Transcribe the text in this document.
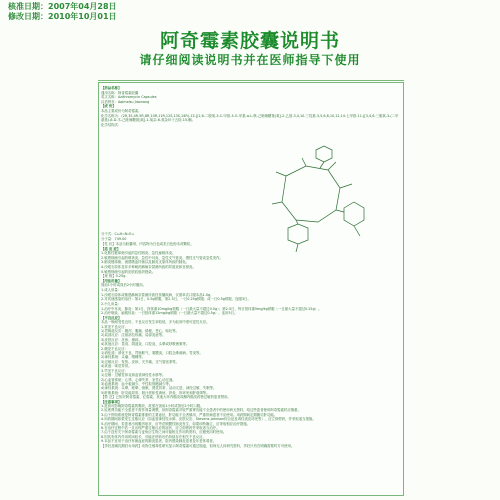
核准日期：2007年04月28日
修改日期：2010年10月01日
阿奇霉素胶囊说明书
请仔细阅读说明书并在医师指导下使用
【药品名称】
通用名称：阿奇霉素胶囊
英文名称：Azithromycin Capsules
汉语拼音：Aqimeisu Jiaonang
【成 份】
本品主要成份为阿奇霉素。
化学名称为：(2R,3S,4R,5R,8R,10R,11R,12S,13S,14R)-13-[(2,6-二脱氧-3-C-甲基-3-O-甲基-α-L-核-己吡喃糖基)氧]-2-乙基-3,4,10-三羟基-3,5,6,8,10,12,14-七甲基-11-[[3,4,6-三脱氧-3-(二甲氨基)-β-D-木-己吡喃糖基]氧]-1-氧杂-6-氮杂环十五烷-15-酮。
化学结构式：
分子式：C₃₈H₇₂N₂O₁₂
分子量：749.00
【性 状】本品为胶囊剂，内容物为白色或类白色粉末或颗粒。
【适 应 症】
1.化脓性链球菌引起的急性咽炎、急性扁桃体炎。
2.敏感细菌引起的鼻窦炎、急性中耳炎、急性支气管炎、慢性支气管炎急性发作。
3.肺炎链球菌、流感嗜血杆菌以及肺炎支原体所致的肺炎。
4.沙眼衣原体及非多种耐药淋病奈瑟菌所致的尿道炎和宫颈炎。
5.敏感细菌引起的皮肤软组织感染。
【规 格】0.25g
【用法用量】
饭前1小时或饭后2小时服用。
1.成人用量：
1.沙眼衣原体或敏感淋病奈瑟菌所致性传播疾病，仅需单次口服本品1.0g。
2.对其他感染的治疗：第1日，0.5g顿服，第2-5日，一日0.25g顿服；或一日0.5g顿服，连服3日。
2.小儿用量：
1.治疗中耳炎、肺炎：第1日，按体重10mg/kg顿服（一日最大量不超过0.5g）；第2-5日，每日按体重5mg/kg顿服（一日最大量不超过0.25g）。
2.治疗咽炎、扁桃体炎：一日按体重12mg/kg顿服（一日最大量不超过0.5g），连用5日。
【不良反应】
本品一般耐受性良好，不良反应发生率较低，多为轻到中度可逆性反应。
1.常见不良反应：
1)胃肠道反应：腹泻、腹痛、稀便、恶心、呕吐等。
2)局部反应：注射部位疼痛、局部炎症等。
3)皮肤反应：皮疹、瘙痒。
4)其他反应：畏食、阴道炎、口腔炎、头晕或呼吸困难等。
2.偶见不良反应：
1)消化道：消化不良、胃肠胀气、黏膜炎、口腔念珠菌病、胃炎等。
2)神经系统：头痛、嗜睡等。
3)过敏反应：发热、皮疹、关节痛、支气管痉挛等。
4)其他：味觉异常。
3.罕见不良反应：
1)过敏：过敏性休克和血管神经性水肿等。
2)心血管系统：心悸、心律失常、室性心动过速。
3)血液系统：血小板减少、中性粒细胞减少等。
4)神经系统：头晕、眩晕、惊厥、感觉异常、活动亢进、神经过敏、失眠等。
5)肝胆系统：肝功能异常、胆汁淤积性黄疸、肝炎、肝坏死和肝衰竭等。
【禁 忌】已知对阿奇霉素、红霉素、其他大环内酯类或酮内酯类药物过敏的患者禁用。
【注意事项】
1.进食可影响阿奇霉素的吸收，故需在饭前1小时或饭后2小时口服。
2.轻度肾功能不全患者不需作剂量调整，但阿奇霉素对较严重肾功能不全患者中的使用尚无资料，给这些患者使用阿奇霉素时应慎重。
3.由于肝胆系统是阿奇霉素排泄的主要途径，肝功能不全者慎用，严重肝病患者不应使用。用药期间定期随访肝功能。
4.用药期间如果发生过敏反应（如血管神经性水肿、皮肤反应、Stevens-Johnson综合征及毒性表皮坏死等），应立即停药，并采取适当措施。
5.治疗期间，若患者出现腹泻症状，应考虑假膜性肠炎发生，如果诊断确立，应采取相应治疗措施。
6.在治疗过程中若一旦出现严重过敏反应的症状，应立即停药并采取适当治疗。
7.由于没有关于阿奇霉素与麦角衍生物之间可能相互作用的资料，应避免同时使用。
8.因其有体内作用时间较长，可能在停药后仍持续存在相关不良反应。
9.本品不宜用于治疗有菌血症的肺炎患者、院内感染肺炎患者及年老体弱者。
【孕妇及哺乳期妇女用药】动物生殖毒性研究显示阿奇霉素可通过胎盘，但尚无人体研究资料，孕妇只有在明确需要时方可使用。
